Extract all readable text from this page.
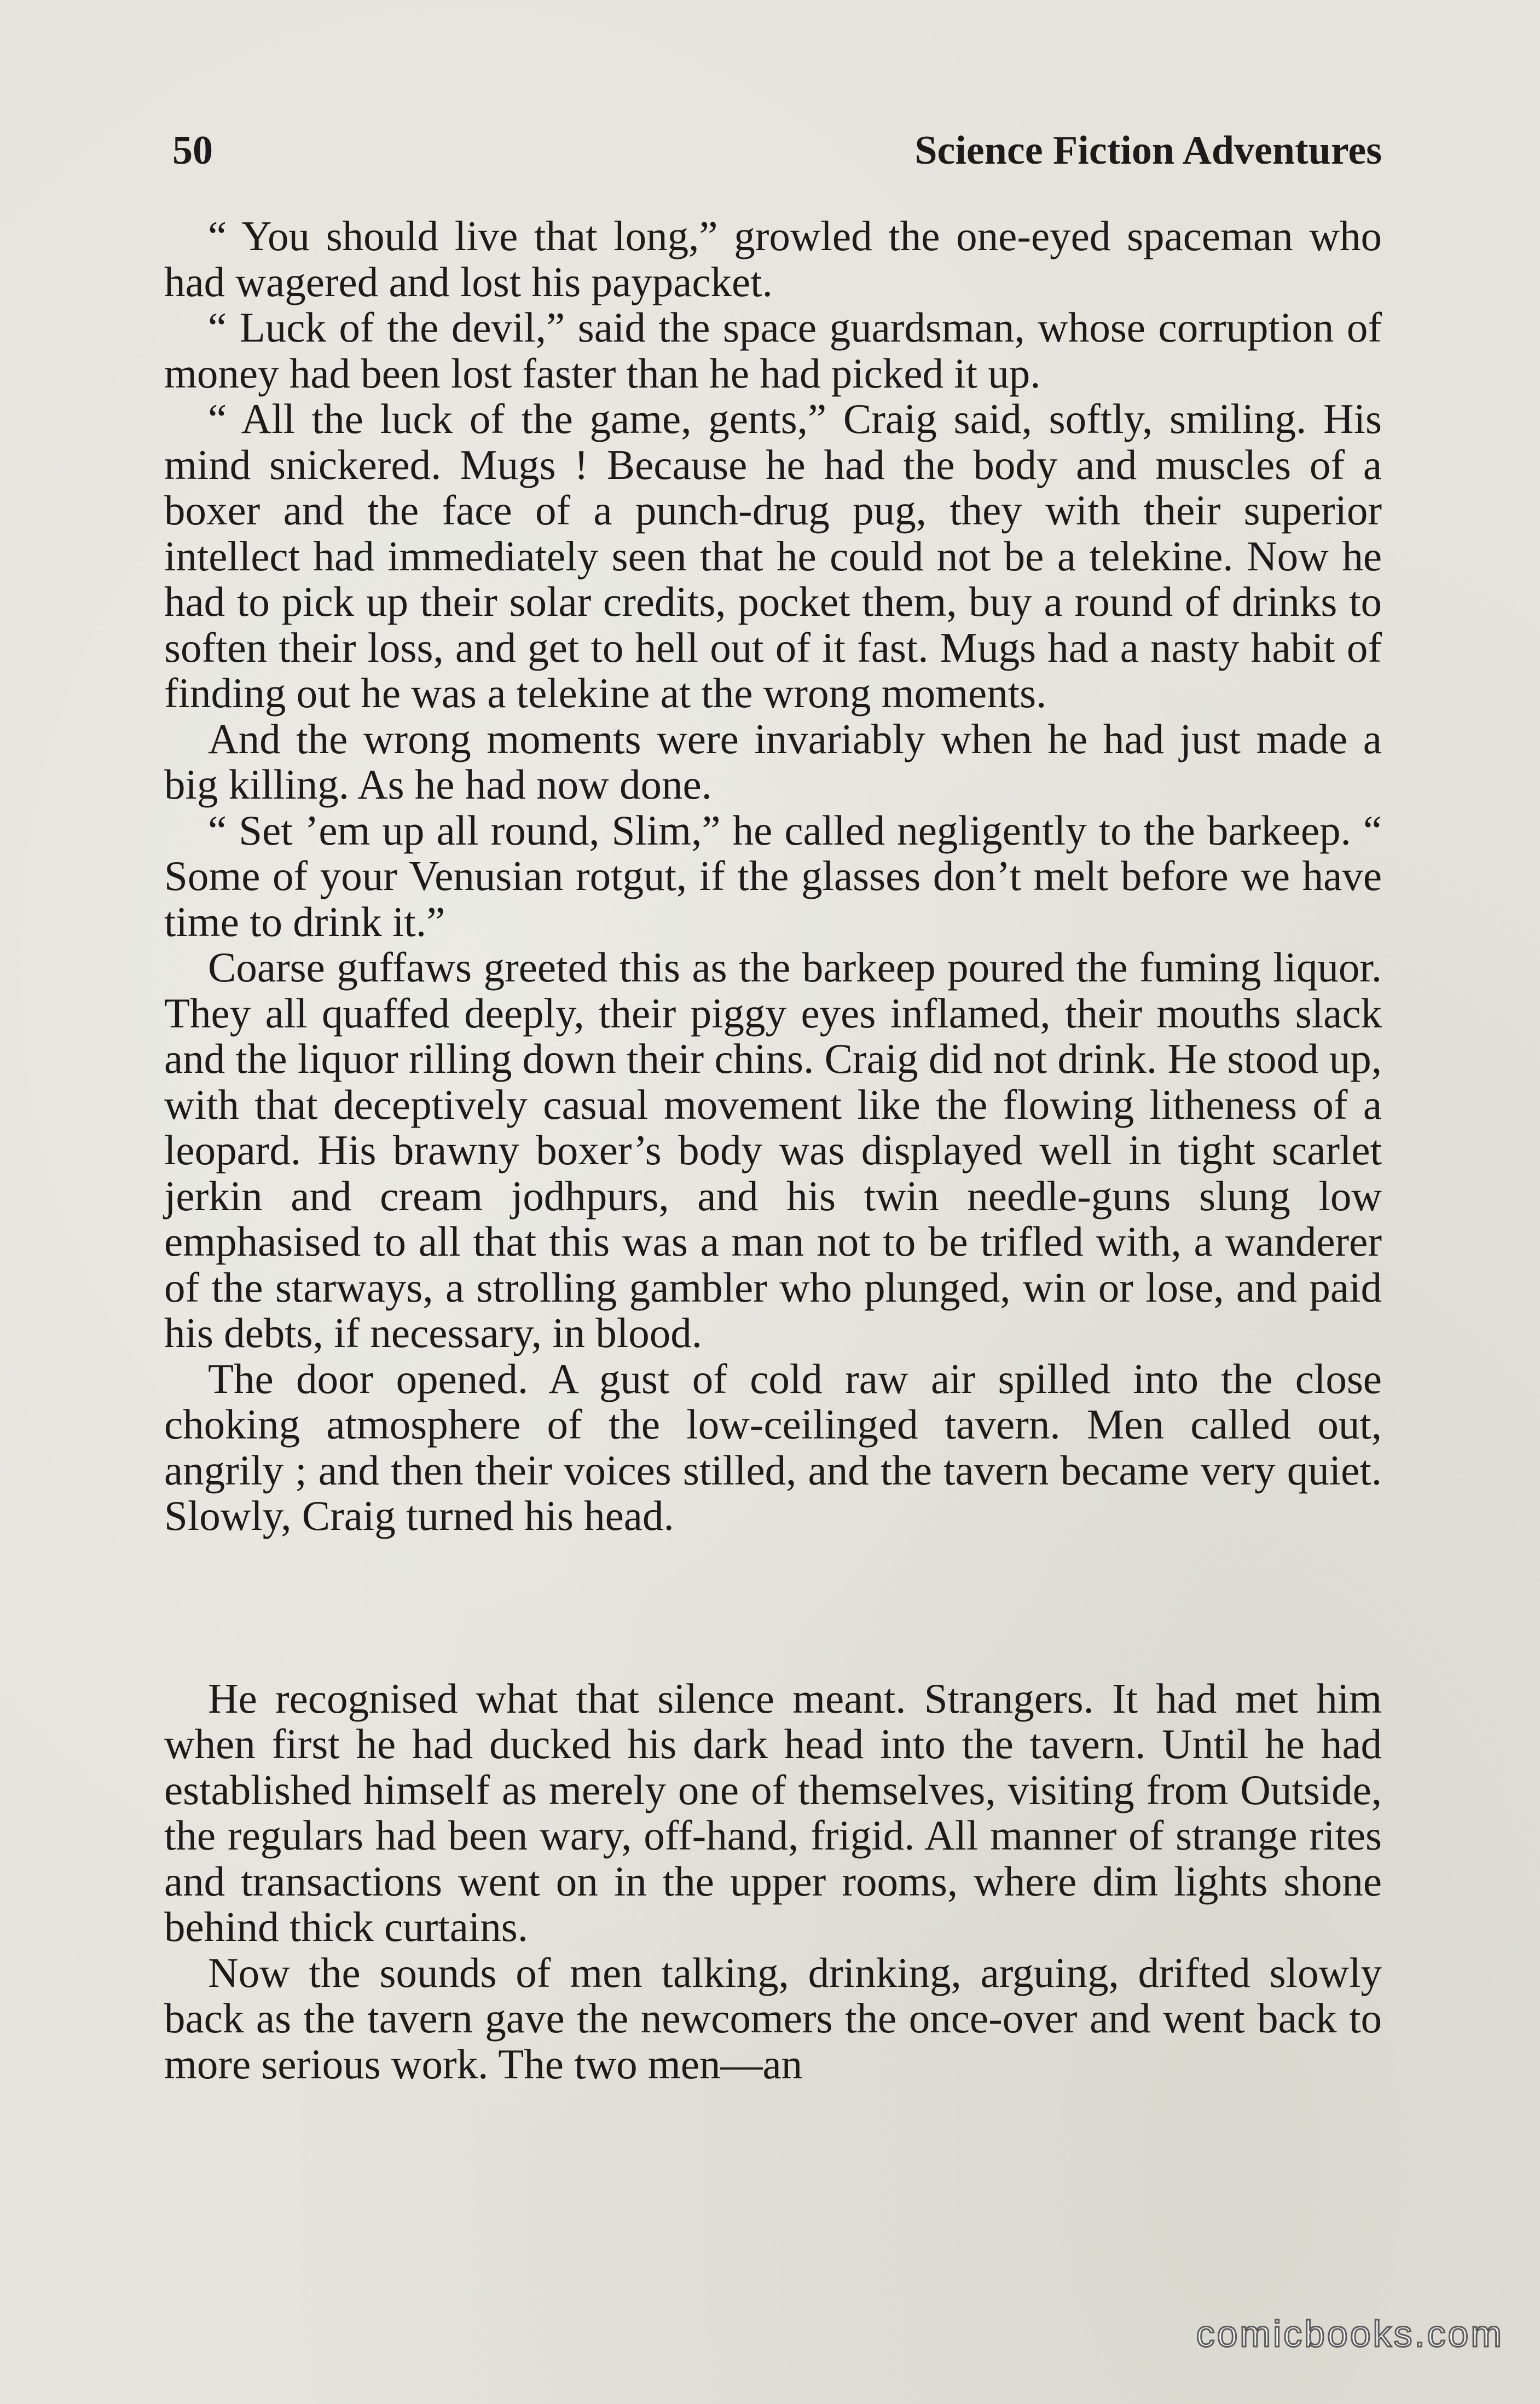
50	Science Fiction Adventures

“ You should live that long,” growled the one-eyed spaceman who had wagered and lost his paypacket.

“ Luck of the devil,” said the space guardsman, whose corruption of money had been lost faster than he had picked it up.

“ All the luck of the game, gents,” Craig said, softly, smiling. His mind snickered. Mugs ! Because he had the body and muscles of a boxer and the face of a punch-drug pug, they with their superior intellect had immediately seen that he could not be a telekine. Now he had to pick up their solar credits, pocket them, buy a round of drinks to soften their loss, and get to hell out of it fast. Mugs had a nasty habit of finding out he was a telekine at the wrong moments.

And the wrong moments were invariably when he had just made a big killing. As he had now done.

“ Set ’em up all round, Slim,” he called negligently to the barkeep. “ Some of your Venusian rotgut, if the glasses don’t melt before we have time to drink it.”

Coarse guffaws greeted this as the barkeep poured the fuming liquor. They all quaffed deeply, their piggy eyes inflamed, their mouths slack and the liquor rilling down their chins. Craig did not drink. He stood up, with that deceptively casual movement like the flowing litheness of a leopard. His brawny boxer’s body was displayed well in tight scarlet jerkin and cream jodhpurs, and his twin needle-guns slung low emphasised to all that this was a man not to be trifled with, a wanderer of the starways, a strolling gambler who plunged, win or lose, and paid his debts, if necessary, in blood.

The door opened. A gust of cold raw air spilled into the close choking atmosphere of the low-ceilinged tavern. Men called out, angrily ; and then their voices stilled, and the tavern became very quiet. Slowly, Craig turned his head.

He recognised what that silence meant. Strangers. It had met him when first he had ducked his dark head into the tavern. Until he had established himself as merely one of themselves, visiting from Outside, the regulars had been wary, off-hand, frigid. All manner of strange rites and transactions went on in the upper rooms, where dim lights shone behind thick curtains.

Now the sounds of men talking, drinking, arguing, drifted slowly back as the tavern gave the newcomers the once-over and went back to more serious work. The two men—an

comicbooks.com
